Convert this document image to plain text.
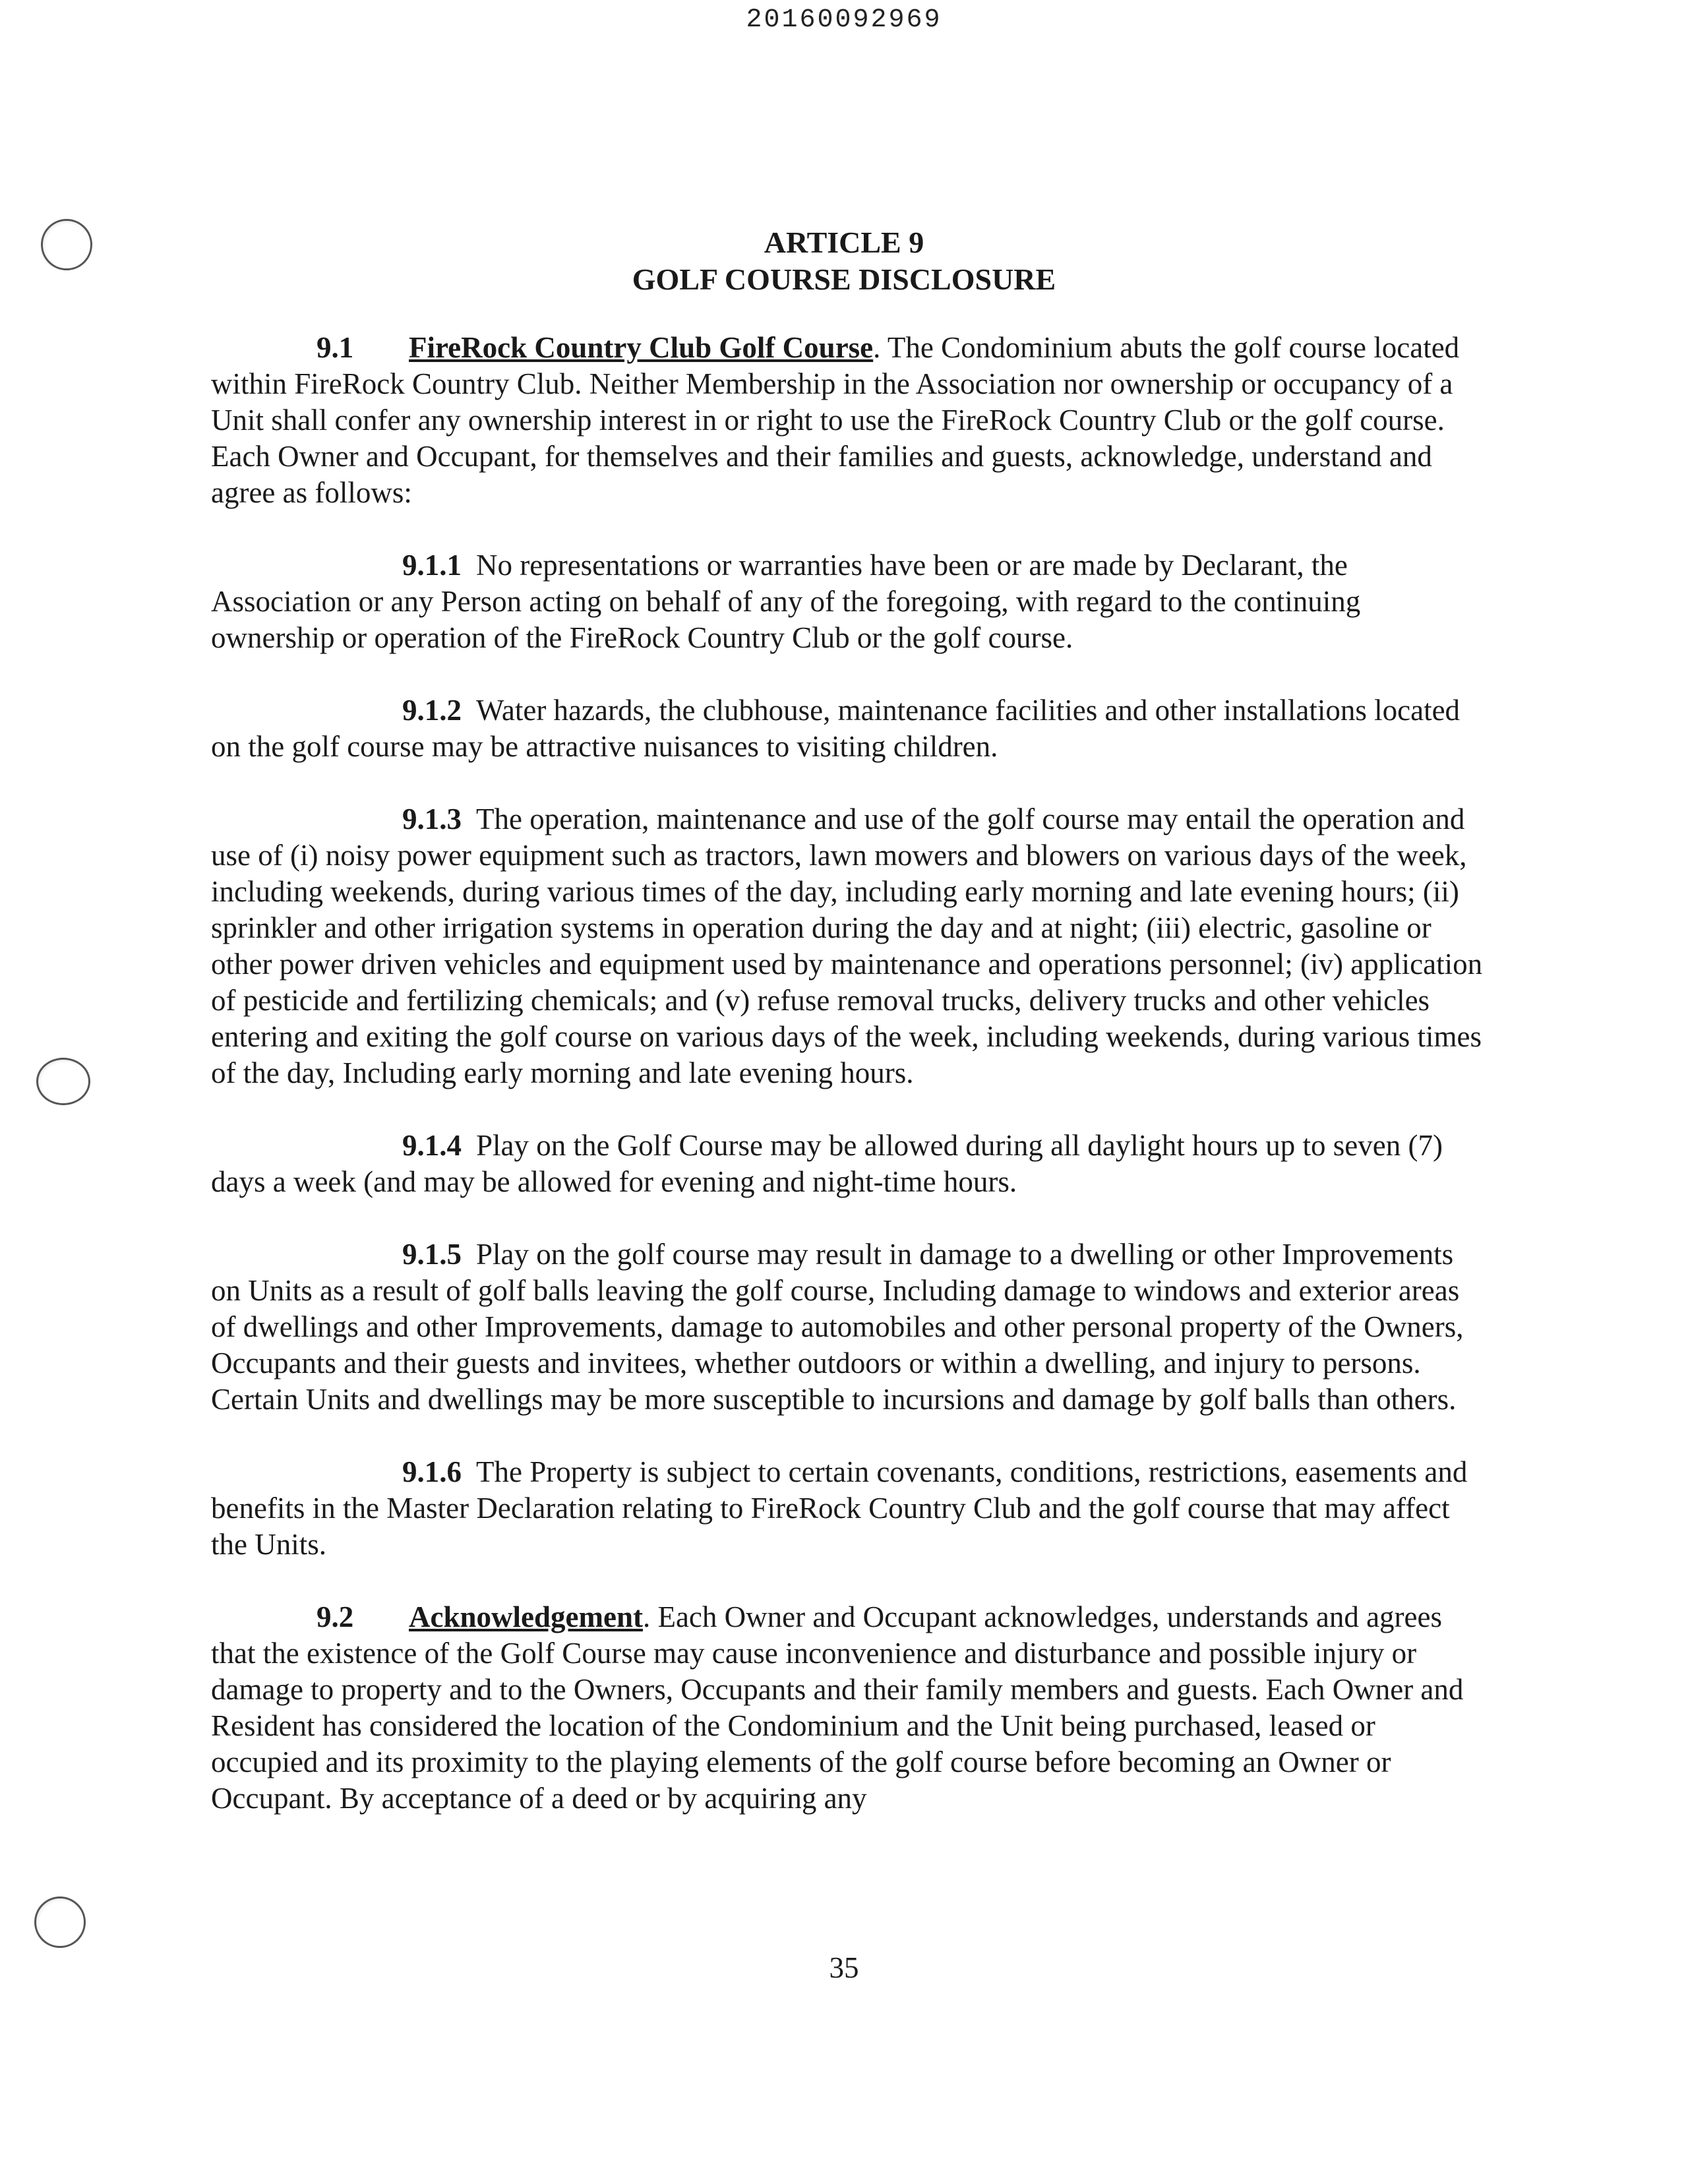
20160092969
ARTICLE 9
GOLF COURSE DISCLOSURE

9.1 FireRock Country Club Golf Course. The Condominium abuts the golf course located within FireRock Country Club. Neither Membership in the Association nor ownership or occupancy of a Unit shall confer any ownership interest in or right to use the FireRock Country Club or the golf course. Each Owner and Occupant, for themselves and their families and guests, acknowledge, understand and agree as follows:

9.1.1 No representations or warranties have been or are made by Declarant, the Association or any Person acting on behalf of any of the foregoing, with regard to the continuing ownership or operation of the FireRock Country Club or the golf course.

9.1.2 Water hazards, the clubhouse, maintenance facilities and other installations located on the golf course may be attractive nuisances to visiting children.

9.1.3 The operation, maintenance and use of the golf course may entail the operation and use of (i) noisy power equipment such as tractors, lawn mowers and blowers on various days of the week, including weekends, during various times of the day, including early morning and late evening hours; (ii) sprinkler and other irrigation systems in operation during the day and at night; (iii) electric, gasoline or other power driven vehicles and equipment used by maintenance and operations personnel; (iv) application of pesticide and fertilizing chemicals; and (v) refuse removal trucks, delivery trucks and other vehicles entering and exiting the golf course on various days of the week, including weekends, during various times of the day, Including early morning and late evening hours.

9.1.4 Play on the Golf Course may be allowed during all daylight hours up to seven (7) days a week (and may be allowed for evening and night-time hours.

9.1.5 Play on the golf course may result in damage to a dwelling or other Improvements on Units as a result of golf balls leaving the golf course, Including damage to windows and exterior areas of dwellings and other Improvements, damage to automobiles and other personal property of the Owners, Occupants and their guests and invitees, whether outdoors or within a dwelling, and injury to persons. Certain Units and dwellings may be more susceptible to incursions and damage by golf balls than others.

9.1.6 The Property is subject to certain covenants, conditions, restrictions, easements and benefits in the Master Declaration relating to FireRock Country Club and the golf course that may affect the Units.

9.2 Acknowledgement. Each Owner and Occupant acknowledges, understands and agrees that the existence of the Golf Course may cause inconvenience and disturbance and possible injury or damage to property and to the Owners, Occupants and their family members and guests. Each Owner and Resident has considered the location of the Condominium and the Unit being purchased, leased or occupied and its proximity to the playing elements of the golf course before becoming an Owner or Occupant. By acceptance of a deed or by acquiring any

35
